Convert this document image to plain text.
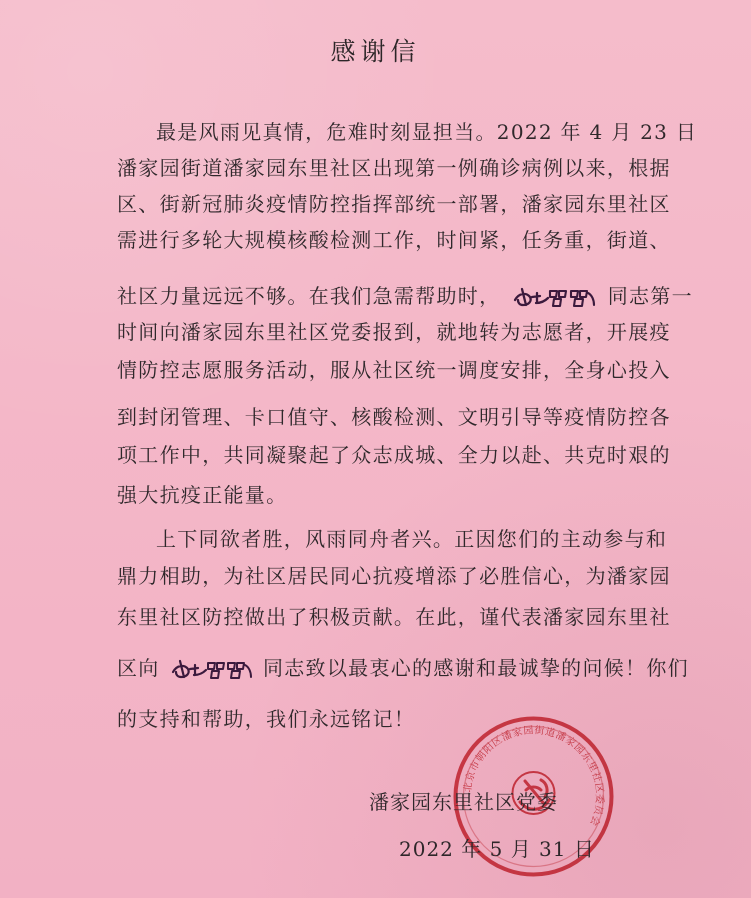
感谢信
最是风雨见真情，危难时刻显担当。2022 年 4 月 23 日
潘家园街道潘家园东里社区出现第一例确诊病例以来，根据
区、街新冠肺炎疫情防控指挥部统一部署，潘家园东里社区
需进行多轮大规模核酸检测工作，时间紧，任务重，街道、
社区力量远远不够。在我们急需帮助时，	同志第一
时间向潘家园东里社区党委报到，就地转为志愿者，开展疫
情防控志愿服务活动，服从社区统一调度安排，全身心投入
到封闭管理、卡口值守、核酸检测、文明引导等疫情防控各
项工作中，共同凝聚起了众志成城、全力以赴、共克时艰的
强大抗疫正能量。
上下同欲者胜，风雨同舟者兴。正因您们的主动参与和
鼎力相助，为社区居民同心抗疫增添了必胜信心，为潘家园
东里社区防控做出了积极贡献。在此，谨代表潘家园东里社
区向	同志致以最衷心的感谢和最诚挚的问候！你们
的支持和帮助，我们永远铭记！
北京市朝阳区潘家园街道潘家园东里社区委员会
潘家园东里社区党委
2022 年 5 月 31 日
